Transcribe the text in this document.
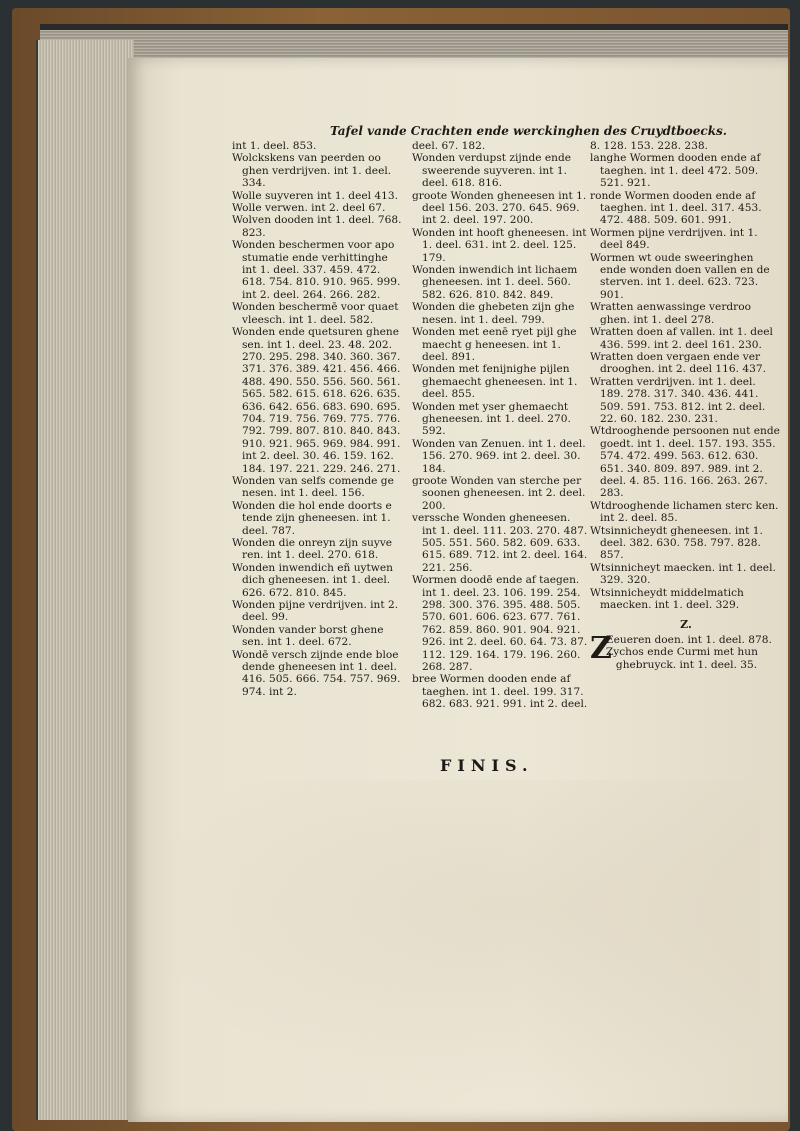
Tafel vande Crachten ende werckinghen des Cruydtboecks.

int 1. deel. 853.

Wolckskens van peerden oo ghen verdrijven. int 1. deel. 334.

Wolle suyveren int 1. deel 413.

Wolle verwen. int 2. deel 67.

Wolven dooden int 1. deel. 768. 823.

Wonden beschermen voor apo stumatie ende verhittinghe int 1. deel. 337. 459. 472. 618. 754. 810. 910. 965. 999. int 2. deel. 264. 266. 282.

Wonden beschermē voor quaet vleesch. int 1. deel. 582.

Wonden ende quetsuren ghene sen. int 1. deel. 23. 48. 202. 270. 295. 298. 340. 360. 367. 371. 376. 389. 421. 456. 466. 488. 490. 550. 556. 560. 561. 565. 582. 615. 618. 626. 635. 636. 642. 656. 683. 690. 695. 704. 719. 756. 769. 775. 776. 792. 799. 807. 810. 840. 843. 910. 921. 965. 969. 984. 991. int 2. deel. 30. 46. 159. 162. 184. 197. 221. 229. 246. 271.

Wonden van selfs comende ge nesen. int 1. deel. 156.

Wonden die hol ende doorts e tende zijn gheneesen. int 1. deel. 787.

Wonden die onreyn zijn suyve ren. int 1. deel. 270. 618.

Wonden inwendich eñ uytwen dich gheneesen. int 1. deel. 626. 672. 810. 845.

Wonden pijne verdrijven. int 2. deel. 99.

Wonden vander borst ghene sen. int 1. deel. 672.

Wondē versch zijnde ende bloe dende gheneesen int 1. deel. 416. 505. 666. 754. 757. 969. 974. int 2.

deel. 67. 182.

Wonden verdupst zijnde ende sweerende suyveren. int 1. deel. 618. 816.

groote Wonden gheneesen int 1. deel 156. 203. 270. 645. 969. int 2. deel. 197. 200.

Wonden int hooft gheneesen. int 1. deel. 631. int 2. deel. 125. 179.

Wonden inwendich int lichaem gheneesen. int 1. deel. 560. 582. 626. 810. 842. 849.

Wonden die ghebeten zijn ghe nesen. int 1. deel. 799.

Wonden met eenē ryet pijl ghe maecht g heneesen. int 1. deel. 891.

Wonden met fenijnighe pijlen ghemaecht gheneesen. int 1. deel. 855.

Wonden met yser ghemaecht gheneesen. int 1. deel. 270. 592.

Wonden van Zenuen. int 1. deel. 156. 270. 969. int 2. deel. 30. 184.

groote Wonden van sterche per soonen gheneesen. int 2. deel. 200.

verssche Wonden gheneesen. int 1. deel. 111. 203. 270. 487. 505. 551. 560. 582. 609. 633. 615. 689. 712. int 2. deel. 164. 221. 256.

Wormen doodē ende af taegen. int 1. deel. 23. 106. 199. 254. 298. 300. 376. 395. 488. 505. 570. 601. 606. 623. 677. 761. 762. 859. 860. 901. 904. 921. 926. int 2. deel. 60. 64. 73. 87. 112. 129. 164. 179. 196. 260. 268. 287.

bree Wormen dooden ende af taeghen. int 1. deel. 199. 317. 682. 683. 921. 991. int 2. deel.

8. 128. 153. 228. 238.

langhe Wormen dooden ende af taeghen. int 1. deel 472. 509. 521. 921.

ronde Wormen dooden ende af taeghen. int 1. deel. 317. 453. 472. 488. 509. 601. 991.

Wormen pijne verdrijven. int 1. deel 849.

Wormen wt oude sweeringhen ende wonden doen vallen en de sterven. int 1. deel. 623. 723. 901.

Wratten aenwassinge verdroo ghen. int 1. deel 278.

Wratten doen af vallen. int 1. deel 436. 599. int 2. deel 161. 230.

Wratten doen vergaen ende ver drooghen. int 2. deel 116. 437.

Wratten verdrijven. int 1. deel. 189. 278. 317. 340. 436. 441. 509. 591. 753. 812. int 2. deel. 22. 60. 182. 230. 231.

Wtdrooghende persoonen nut ende goedt. int 1. deel. 157. 193. 355. 574. 472. 499. 563. 612. 630. 651. 340. 809. 897. 989. int 2. deel. 4. 85. 116. 166. 263. 267. 283.

Wtdrooghende lichamen sterc ken. int 2. deel. 85.

Wtsinnicheydt gheneesen. int 1. deel. 382. 630. 758. 797. 828. 857.

Wtsinnicheyt maecken. int 1. deel. 329. 320.

Wtsinnicheydt middelmatich maecken. int 1. deel. 329.

Z.
Z

Eeueren doen. int 1. deel. 878.

Zychos ende Curmi met hun ghebruyck. int 1. deel. 35.

FINIS.
